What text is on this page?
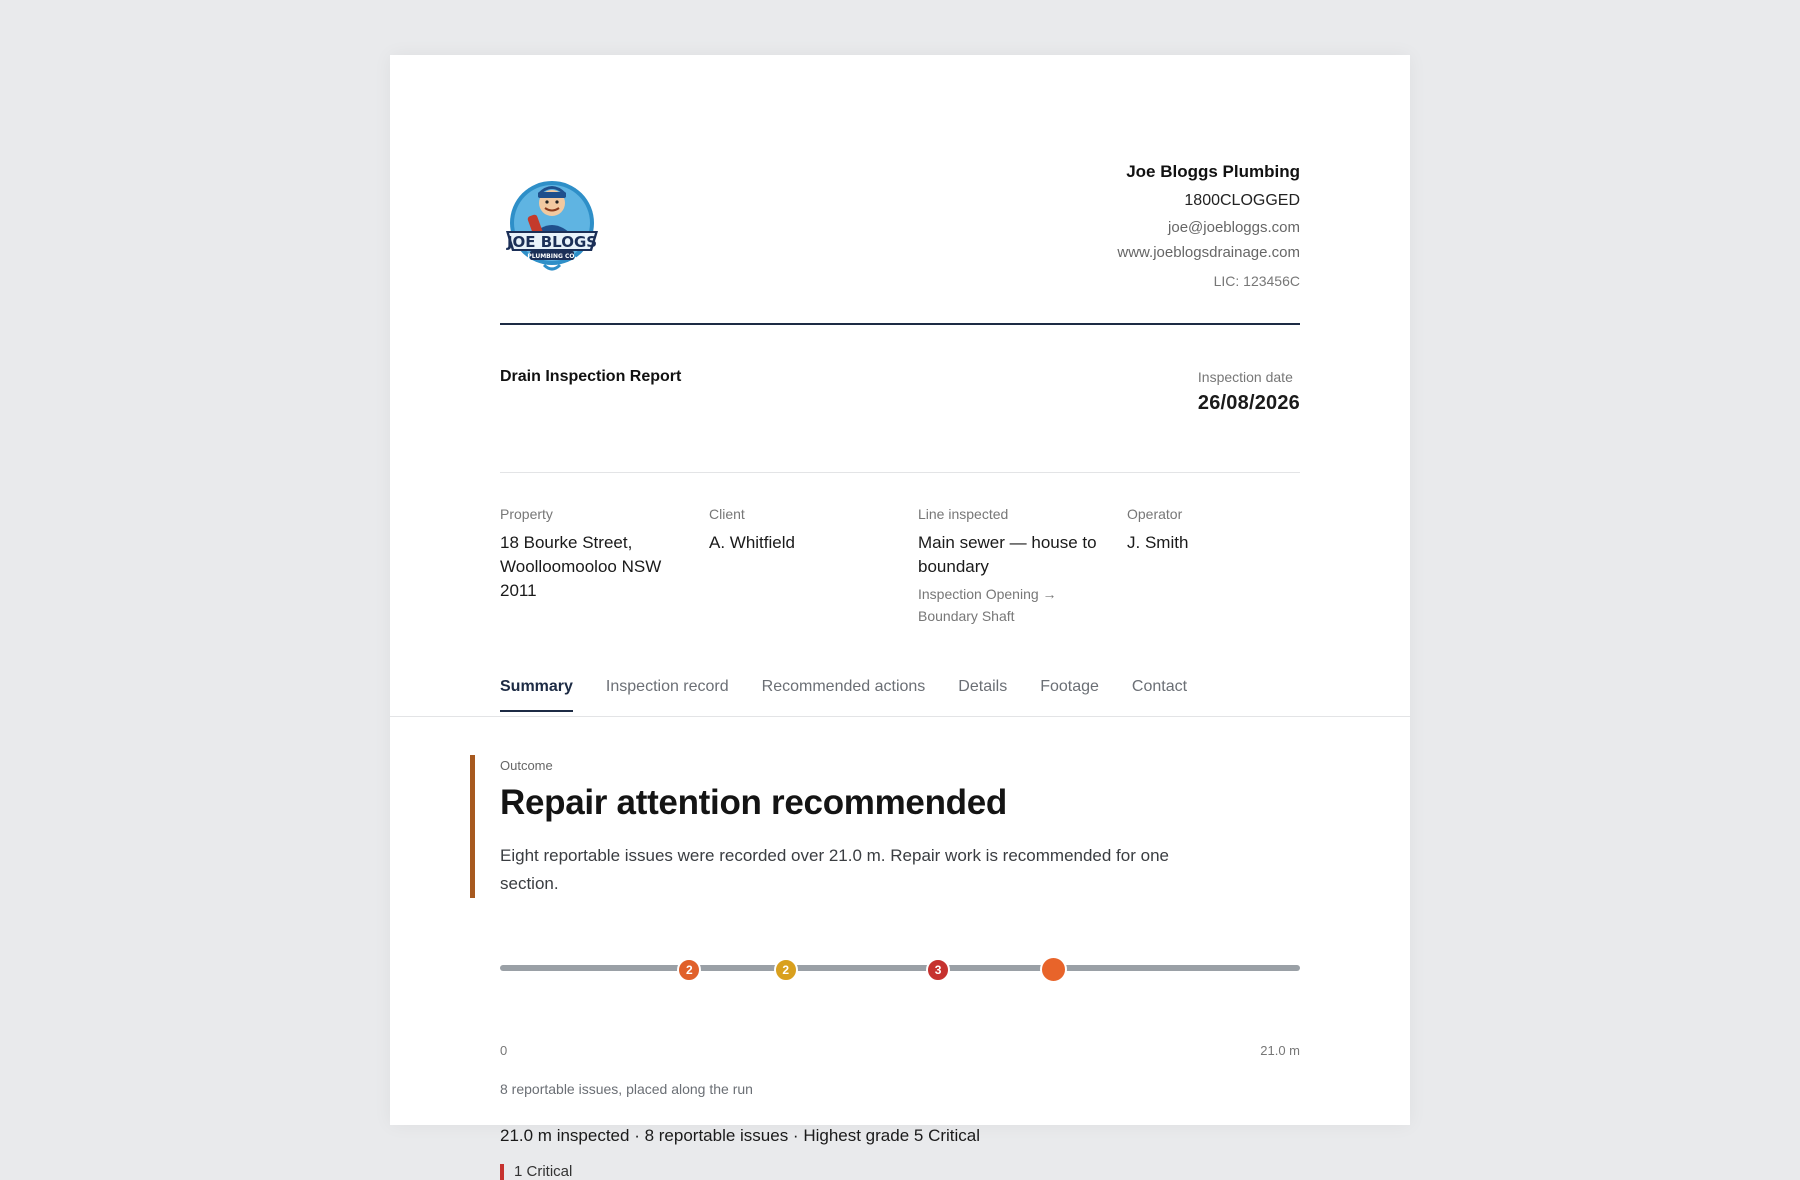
JOE BLOGS
PLUMBING CO.
Joe Bloggs Plumbing
1800CLOGGED
joe@joebloggs.com
www.joeblogsdrainage.com
LIC: 123456C
Drain Inspection Report	Inspection date
26/08/2026
Property
18 Bourke Street, Woolloomooloo NSW 2011
Client
A. Whitfield
Line inspected
Main sewer — house to boundary
Inspection Opening → Boundary Shaft
Operator
J. Smith
Summary Inspection record Recommended actions Details Footage Contact
Outcome
Repair attention recommended
Eight reportable issues were recorded over 21.0 m. Repair work is recommended for one section.
2	2	3
0	21.0 m
8 reportable issues, placed along the run
21.0 m inspected · 8 reportable issues · Highest grade 5 Critical
1 Critical
